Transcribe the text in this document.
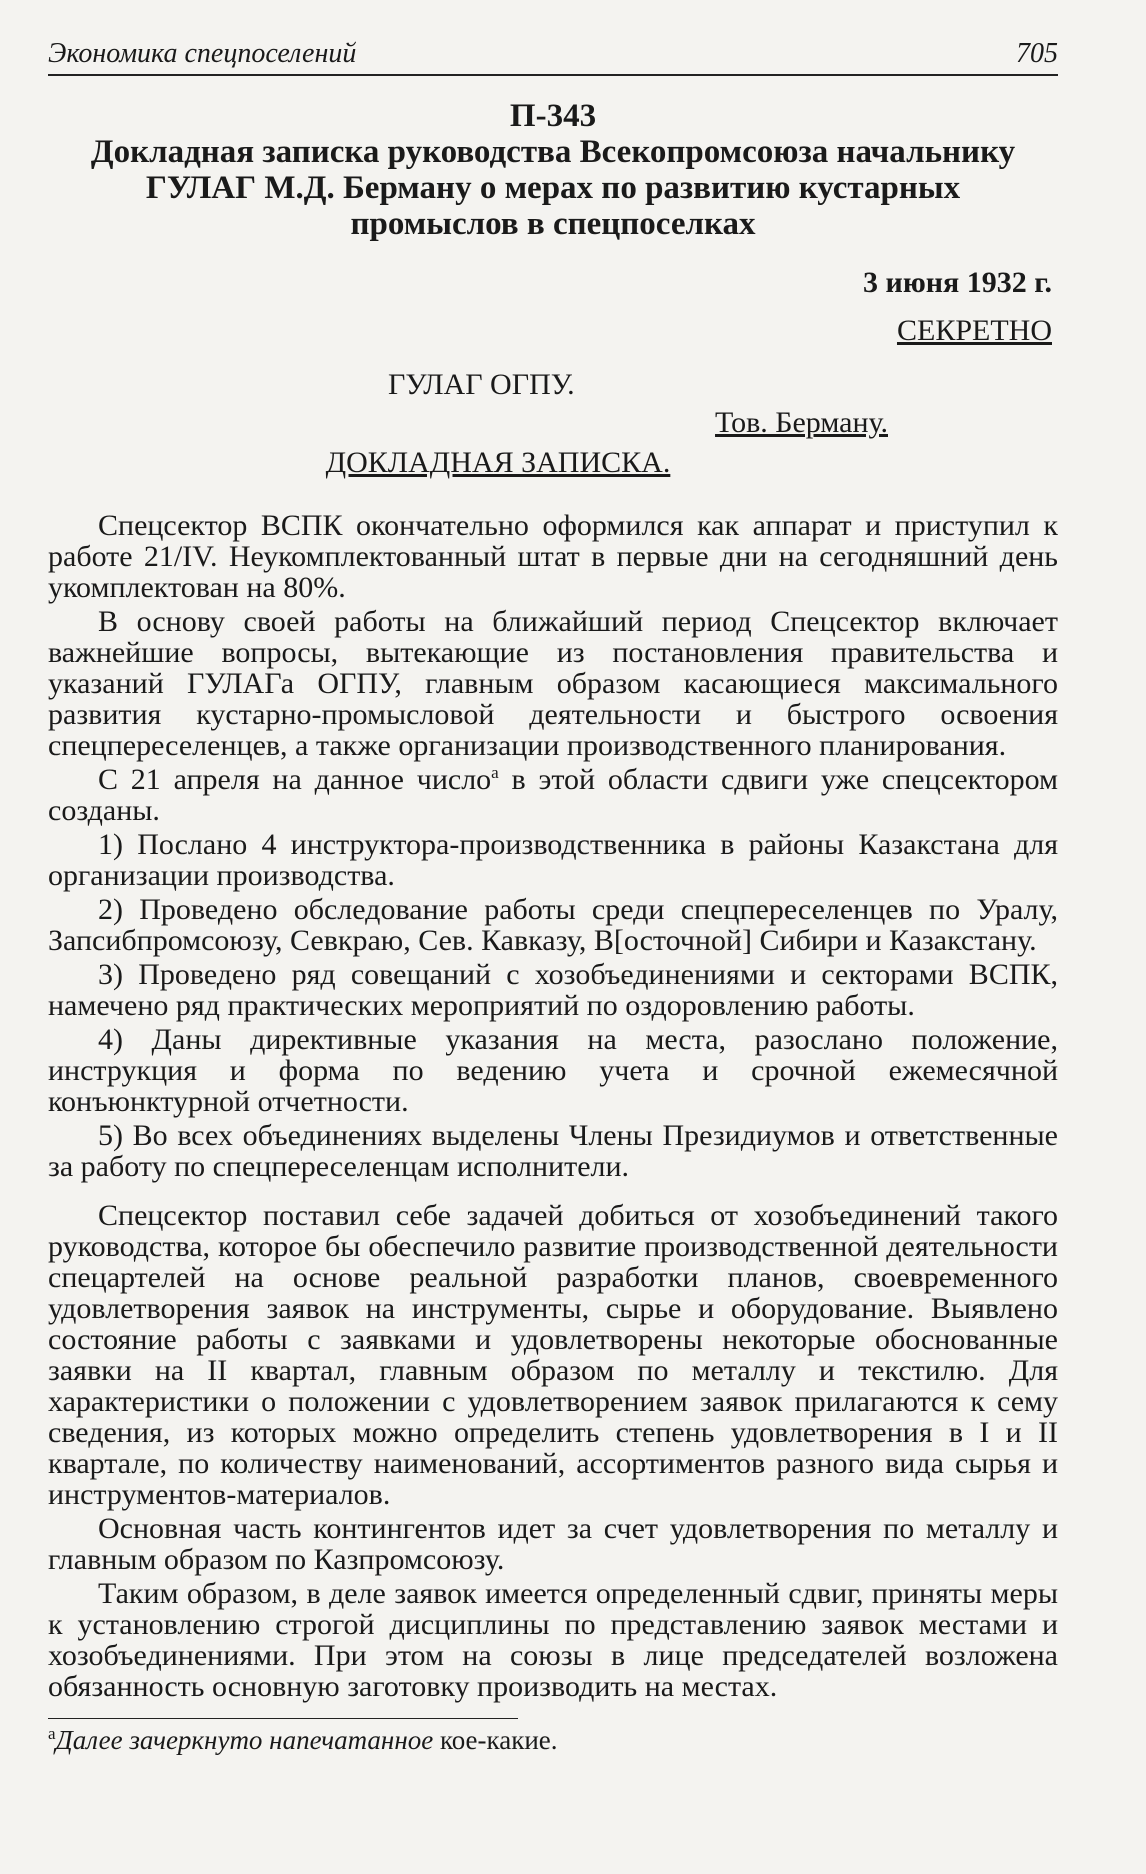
Экономика спецпоселений	705
П-343
Докладная записка руководства Всекопромсоюза начальнику ГУЛАГ М.Д. Берману о мерах по развитию кустарных промыслов в спецпоселках
3 июня 1932 г.
СЕКРЕТНО
ГУЛАГ ОГПУ.
Тов. Берману.
ДОКЛАДНАЯ ЗАПИСКА.

Спецсектор ВСПК окончательно оформился как аппарат и приступил к работе 21/IV. Неукомплектованный штат в первые дни на сегодняшний день укомплектован на 80%.

В основу своей работы на ближайший период Спецсектор включает важнейшие вопросы, вытекающие из постановления правительства и указаний ГУЛАГа ОГПУ, главным образом касающиеся максимального развития кустарно-промысловой деятельности и быстрого освоения спецпереселенцев, а также организации производственного планирования.

С 21 апреля на данное число$^а$ в этой области сдвиги уже спецсектором созданы.

1) Послано 4 инструктора-производственника в районы Казакстана для организации производства.

2) Проведено обследование работы среди спецпереселенцев по Уралу, Запсибпромсоюзу, Севкраю, Сев. Кавказу, В[осточной] Сибири и Казакстану.

3) Проведено ряд совещаний с хозобъединениями и секторами ВСПК, намечено ряд практических мероприятий по оздоровлению работы.

4) Даны директивные указания на места, разослано положение, инструкция и форма по ведению учета и срочной ежемесячной конъюнктурной отчетности.

5) Во всех объединениях выделены Члены Президиумов и ответственные за работу по спецпереселенцам исполнители.

Спецсектор поставил себе задачей добиться от хозобъединений такого руководства, которое бы обеспечило развитие производственной деятельности спецартелей на основе реальной разработки планов, своевременного удовлетворения заявок на инструменты, сырье и оборудование. Выявлено состояние работы с заявками и удовлетворены некоторые обоснованные заявки на II квартал, главным образом по металлу и текстилю. Для характеристики о положении с удовлетворением заявок прилагаются к сему сведения, из которых можно определить степень удовлетворения в I и II квартале, по количеству наименований, ассортиментов разного вида сырья и инструментов-материалов.

Основная часть контингентов идет за счет удовлетворения по металлу и главным образом по Казпромсоюзу.

Таким образом, в деле заявок имеется определенный сдвиг, приняты меры к установлению строгой дисциплины по представлению заявок местами и хозобъединениями. При этом на союзы в лице председателей возложена обязанность основную заготовку производить на местах.

$^а$Далее зачеркнуто напечатанное кое-какие.
